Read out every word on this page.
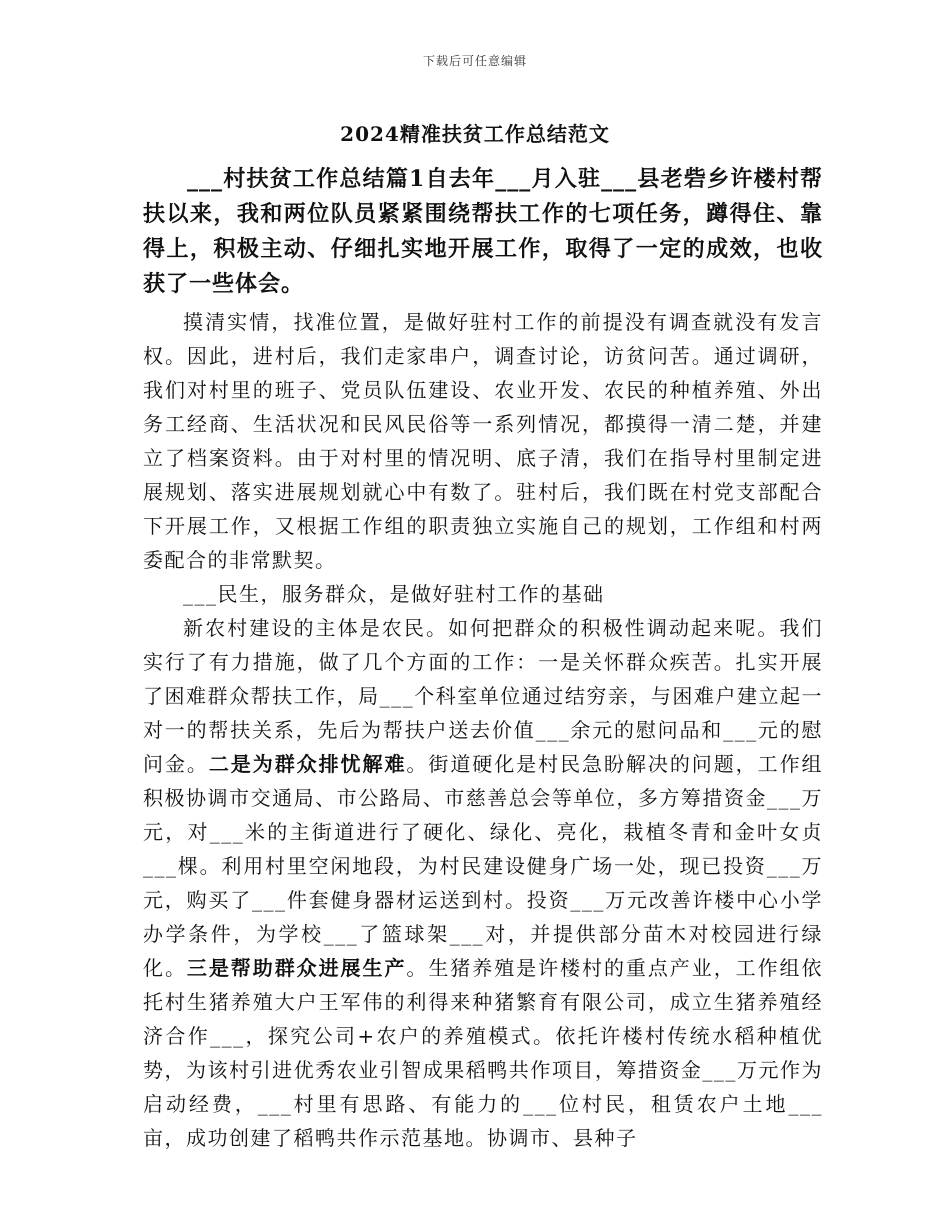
下载后可任意编辑
2024精准扶贫工作总结范文

___村扶贫工作总结篇1自去年___月入驻___县老砦乡许楼村帮扶以来，我和两位队员紧紧围绕帮扶工作的七项任务，蹲得住、靠得上，积极主动、仔细扎实地开展工作，取得了一定的成效，也收获了一些体会。

摸清实情，找准位置，是做好驻村工作的前提没有调查就没有发言权。因此，进村后，我们走家串户，调查讨论，访贫问苦。通过调研，我们对村里的班子、党员队伍建设、农业开发、农民的种植养殖、外出务工经商、生活状况和民风民俗等一系列情况，都摸得一清二楚，并建立了档案资料。由于对村里的情况明、底子清，我们在指导村里制定进展规划、落实进展规划就心中有数了。驻村后，我们既在村党支部配合下开展工作，又根据工作组的职责独立实施自己的规划，工作组和村两委配合的非常默契。

___民生，服务群众，是做好驻村工作的基础

新农村建设的主体是农民。如何把群众的积极性调动起来呢。我们实行了有力措施，做了几个方面的工作：一是关怀群众疾苦。扎实开展了困难群众帮扶工作，局___个科室单位通过结穷亲，与困难户建立起一对一的帮扶关系，先后为帮扶户送去价值___余元的慰问品和___元的慰问金。二是为群众排忧解难。街道硬化是村民急盼解决的问题，工作组积极协调市交通局、市公路局、市慈善总会等单位，多方筹措资金___万元，对___米的主街道进行了硬化、绿化、亮化，栽植冬青和金叶女贞___棵。利用村里空闲地段，为村民建设健身广场一处，现已投资___万元，购买了___件套健身器材运送到村。投资___万元改善许楼中心小学办学条件，为学校___了篮球架___对，并提供部分苗木对校园进行绿化。三是帮助群众进展生产。生猪养殖是许楼村的重点产业，工作组依托村生猪养殖大户王军伟的利得来种猪繁育有限公司，成立生猪养殖经济合作___，探究公司+农户的养殖模式。依托许楼村传统水稻种植优势，为该村引进优秀农业引智成果稻鸭共作项目，筹措资金___万元作为启动经费，___村里有思路、有能力的___位村民，租赁农户土地___亩，成功创建了稻鸭共作示范基地。协调市、县种子
